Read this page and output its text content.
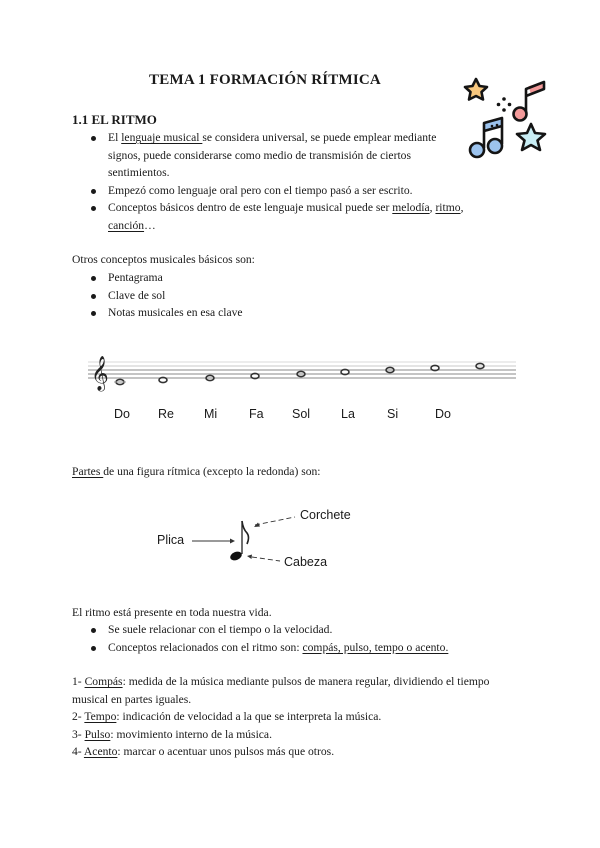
TEMA 1 FORMACIÓN RÍTMICA
1.1 EL RITMO
El lenguaje musical se considera universal, se puede emplear mediante signos, puede considerarse como medio de transmisión de ciertos sentimientos.
Empezó como lenguaje oral pero con el tiempo pasó a ser escrito.
Conceptos básicos dentro de este lenguaje musical puede ser melodía, ritmo, canción…
Otros conceptos musicales básicos son:
Pentagrama
Clave de sol
Notas musicales en esa clave
𝄞
Do Re Mi	Fa Sol La	Si	Do
Partes de una figura rítmica (excepto la redonda) son:
Plica
Corchete
Cabeza
El ritmo está presente en toda nuestra vida.
Se suele relacionar con el tiempo o la velocidad.
Conceptos relacionados con el ritmo son: compás, pulso, tempo o acento.
1- Compás: medida de la música mediante pulsos de manera regular, dividiendo el tiempo musical en partes iguales.
2- Tempo: indicación de velocidad a la que se interpreta la música.
3- Pulso: movimiento interno de la música.
4- Acento: marcar o acentuar unos pulsos más que otros.
